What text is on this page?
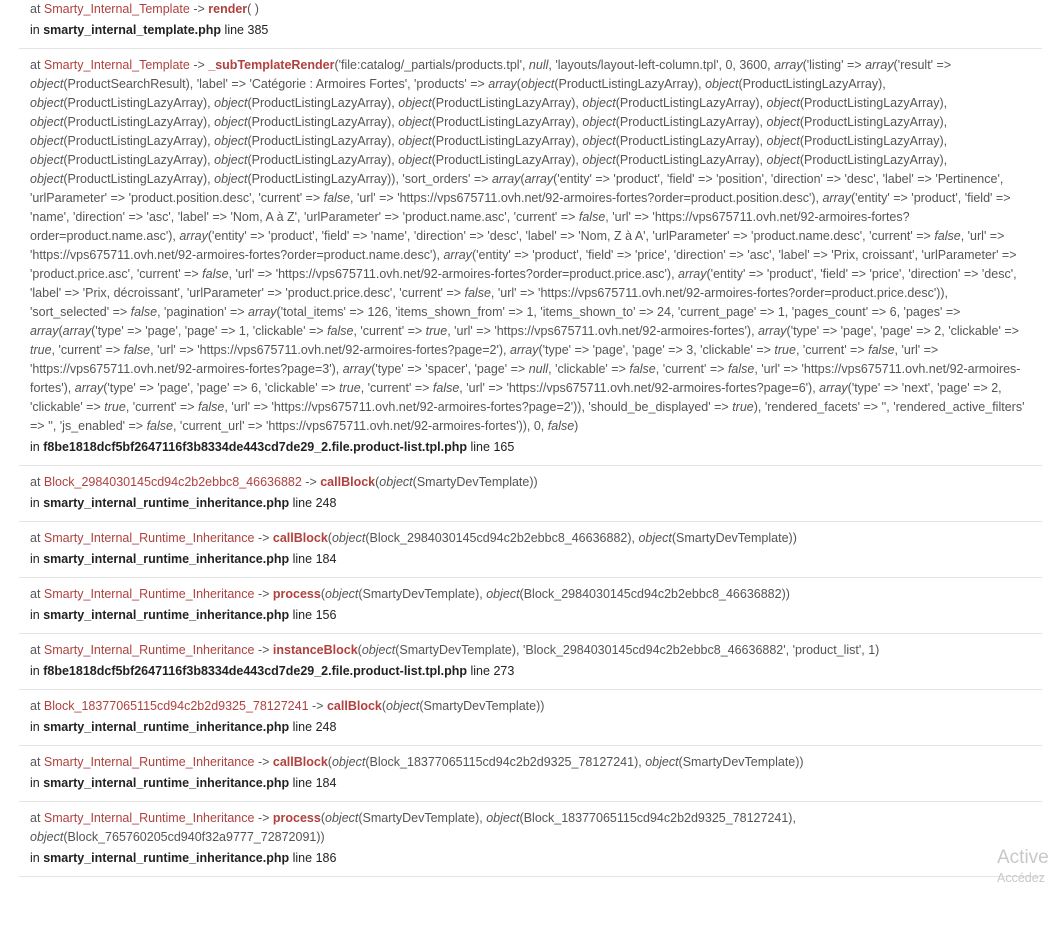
at Smarty_Internal_Template -> render( )
in smarty_internal_template.php line 385
at Smarty_Internal_Template -> _subTemplateRender('file:catalog/_partials/products.tpl', null, 'layouts/layout-left-column.tpl', 0, 3600, array('listing' => array('result' => object(ProductSearchResult), 'label' => 'Catégorie : Armoires Fortes', 'products' => array(object(ProductListingLazyArray), object(ProductListingLazyArray), object(ProductListingLazyArray), object(ProductListingLazyArray), object(ProductListingLazyArray), object(ProductListingLazyArray), object(ProductListingLazyArray), object(ProductListingLazyArray), object(ProductListingLazyArray), object(ProductListingLazyArray), object(ProductListingLazyArray), object(ProductListingLazyArray), object(ProductListingLazyArray), object(ProductListingLazyArray), object(ProductListingLazyArray), object(ProductListingLazyArray), object(ProductListingLazyArray), object(ProductListingLazyArray), object(ProductListingLazyArray), object(ProductListingLazyArray), object(ProductListingLazyArray), object(ProductListingLazyArray), object(ProductListingLazyArray), object(ProductListingLazyArray)), 'sort_orders' => array(array('entity' => 'product', 'field' => 'position', 'direction' => 'desc', 'label' => 'Pertinence', 'urlParameter' => 'product.position.desc', 'current' => false, 'url' => 'https://vps675711.ovh.net/92-armoires-fortes?order=product.position.desc'), array('entity' => 'product', 'field' => 'name', 'direction' => 'asc', 'label' => 'Nom, A à Z', 'urlParameter' => 'product.name.asc', 'current' => false, 'url' => 'https://vps675711.ovh.net/92-armoires-fortes?order=product.name.asc'), array('entity' => 'product', 'field' => 'name', 'direction' => 'desc', 'label' => 'Nom, Z à A', 'urlParameter' => 'product.name.desc', 'current' => false, 'url' => 'https://vps675711.ovh.net/92-armoires-fortes?order=product.name.desc'), array('entity' => 'product', 'field' => 'price', 'direction' => 'asc', 'label' => 'Prix, croissant', 'urlParameter' => 'product.price.asc', 'current' => false, 'url' => 'https://vps675711.ovh.net/92-armoires-fortes?order=product.price.asc'), array('entity' => 'product', 'field' => 'price', 'direction' => 'desc', 'label' => 'Prix, décroissant', 'urlParameter' => 'product.price.desc', 'current' => false, 'url' => 'https://vps675711.ovh.net/92-armoires-fortes?order=product.price.desc')), 'sort_selected' => false, 'pagination' => array('total_items' => 126, 'items_shown_from' => 1, 'items_shown_to' => 24, 'current_page' => 1, 'pages_count' => 6, 'pages' => array(array('type' => 'page', 'page' => 1, 'clickable' => false, 'current' => true, 'url' => 'https://vps675711.ovh.net/92-armoires-fortes'), array('type' => 'page', 'page' => 2, 'clickable' => true, 'current' => false, 'url' => 'https://vps675711.ovh.net/92-armoires-fortes?page=2'), array('type' => 'page', 'page' => 3, 'clickable' => true, 'current' => false, 'url' => 'https://vps675711.ovh.net/92-armoires-fortes?page=3'), array('type' => 'spacer', 'page' => null, 'clickable' => false, 'current' => false, 'url' => 'https://vps675711.ovh.net/92-armoires-fortes'), array('type' => 'page', 'page' => 6, 'clickable' => true, 'current' => false, 'url' => 'https://vps675711.ovh.net/92-armoires-fortes?page=6'), array('type' => 'next', 'page' => 2, 'clickable' => true, 'current' => false, 'url' => 'https://vps675711.ovh.net/92-armoires-fortes?page=2')), 'should_be_displayed' => true), 'rendered_facets' => '', 'rendered_active_filters' => '', 'js_enabled' => false, 'current_url' => 'https://vps675711.ovh.net/92-armoires-fortes')), 0, false)
in f8be1818dcf5bf2647116f3b8334de443cd7de29_2.file.product-list.tpl.php line 165
at Block_2984030145cd94c2b2ebbc8_46636882 -> callBlock(object(SmartyDevTemplate))
in smarty_internal_runtime_inheritance.php line 248
at Smarty_Internal_Runtime_Inheritance -> callBlock(object(Block_2984030145cd94c2b2ebbc8_46636882), object(SmartyDevTemplate))
in smarty_internal_runtime_inheritance.php line 184
at Smarty_Internal_Runtime_Inheritance -> process(object(SmartyDevTemplate), object(Block_2984030145cd94c2b2ebbc8_46636882))
in smarty_internal_runtime_inheritance.php line 156
at Smarty_Internal_Runtime_Inheritance -> instanceBlock(object(SmartyDevTemplate), 'Block_2984030145cd94c2b2ebbc8_46636882', 'product_list', 1)
in f8be1818dcf5bf2647116f3b8334de443cd7de29_2.file.product-list.tpl.php line 273
at Block_18377065115cd94c2b2d9325_78127241 -> callBlock(object(SmartyDevTemplate))
in smarty_internal_runtime_inheritance.php line 248
at Smarty_Internal_Runtime_Inheritance -> callBlock(object(Block_18377065115cd94c2b2d9325_78127241), object(SmartyDevTemplate))
in smarty_internal_runtime_inheritance.php line 184
at Smarty_Internal_Runtime_Inheritance -> process(object(SmartyDevTemplate), object(Block_18377065115cd94c2b2d9325_78127241), object(Block_765760205cd940f32a9777_72872091))
in smarty_internal_runtime_inheritance.php line 186	Active
Accédez
